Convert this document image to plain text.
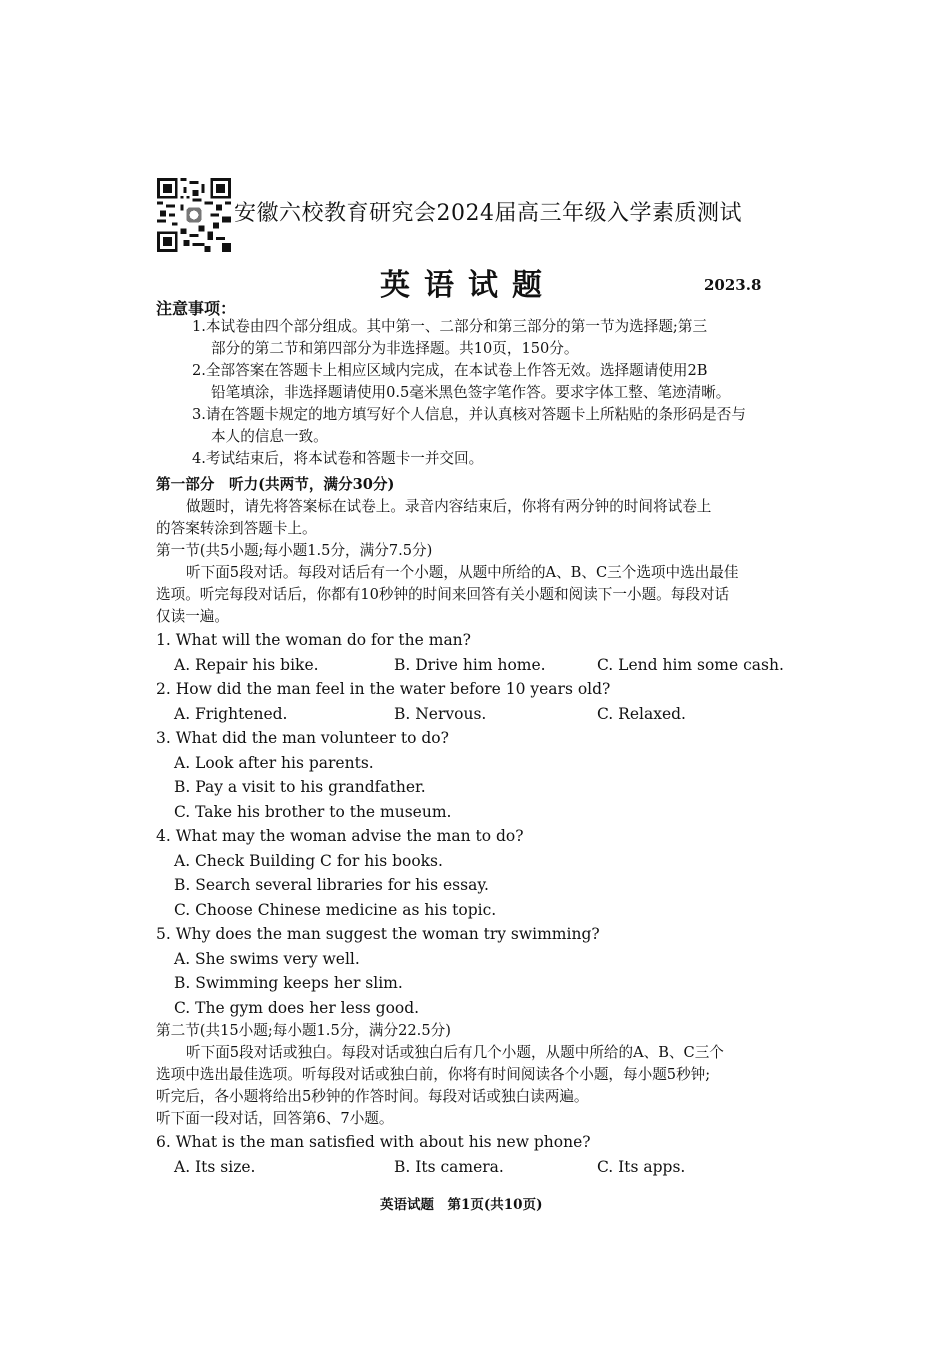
安徽六校教育研究会2024届高三年级入学素质测试
英语试题	2023.8
注意事项：
1.本试卷由四个部分组成。其中第一、二部分和第三部分的第一节为选择题;第三
部分的第二节和第四部分为非选择题。共10页，150分。
2.全部答案在答题卡上相应区域内完成，在本试卷上作答无效。选择题请使用2B
铅笔填涂，非选择题请使用0.5毫米黑色签字笔作答。要求字体工整、笔迹清晰。
3.请在答题卡规定的地方填写好个人信息，并认真核对答题卡上所粘贴的条形码是否与
本人的信息一致。
4.考试结束后，将本试卷和答题卡一并交回。
第一部分　听力(共两节，满分30分)
做题时，请先将答案标在试卷上。录音内容结束后，你将有两分钟的时间将试卷上
的答案转涂到答题卡上。
第一节(共5小题;每小题1.5分，满分7.5分)
听下面5段对话。每段对话后有一个小题，从题中所给的A、B、C三个选项中选出最佳
选项。听完每段对话后，你都有10秒钟的时间来回答有关小题和阅读下一小题。每段对话
仅读一遍。
1. What will the woman do for the man?
A. Repair his bike.	B. Drive him home.	C. Lend him some cash.
2. How did the man feel in the water before 10 years old?
A. Frightened.	B. Nervous.	C. Relaxed.
3. What did the man volunteer to do?
A. Look after his parents.
B. Pay a visit to his grandfather.
C. Take his brother to the museum.
4. What may the woman advise the man to do?
A. Check Building C for his books.
B. Search several libraries for his essay.
C. Choose Chinese medicine as his topic.
5. Why does the man suggest the woman try swimming?
A. She swims very well.
B. Swimming keeps her slim.
C. The gym does her less good.
第二节(共15小题;每小题1.5分，满分22.5分)
听下面5段对话或独白。每段对话或独白后有几个小题，从题中所给的A、B、C三个
选项中选出最佳选项。听每段对话或独白前，你将有时间阅读各个小题，每小题5秒钟;
听完后，各小题将给出5秒钟的作答时间。每段对话或独白读两遍。
听下面一段对话，回答第6、7小题。
6. What is the man satisfied with about his new phone?
A. Its size.	B. Its camera.	C. Its apps.
英语试题　第1页(共10页)
